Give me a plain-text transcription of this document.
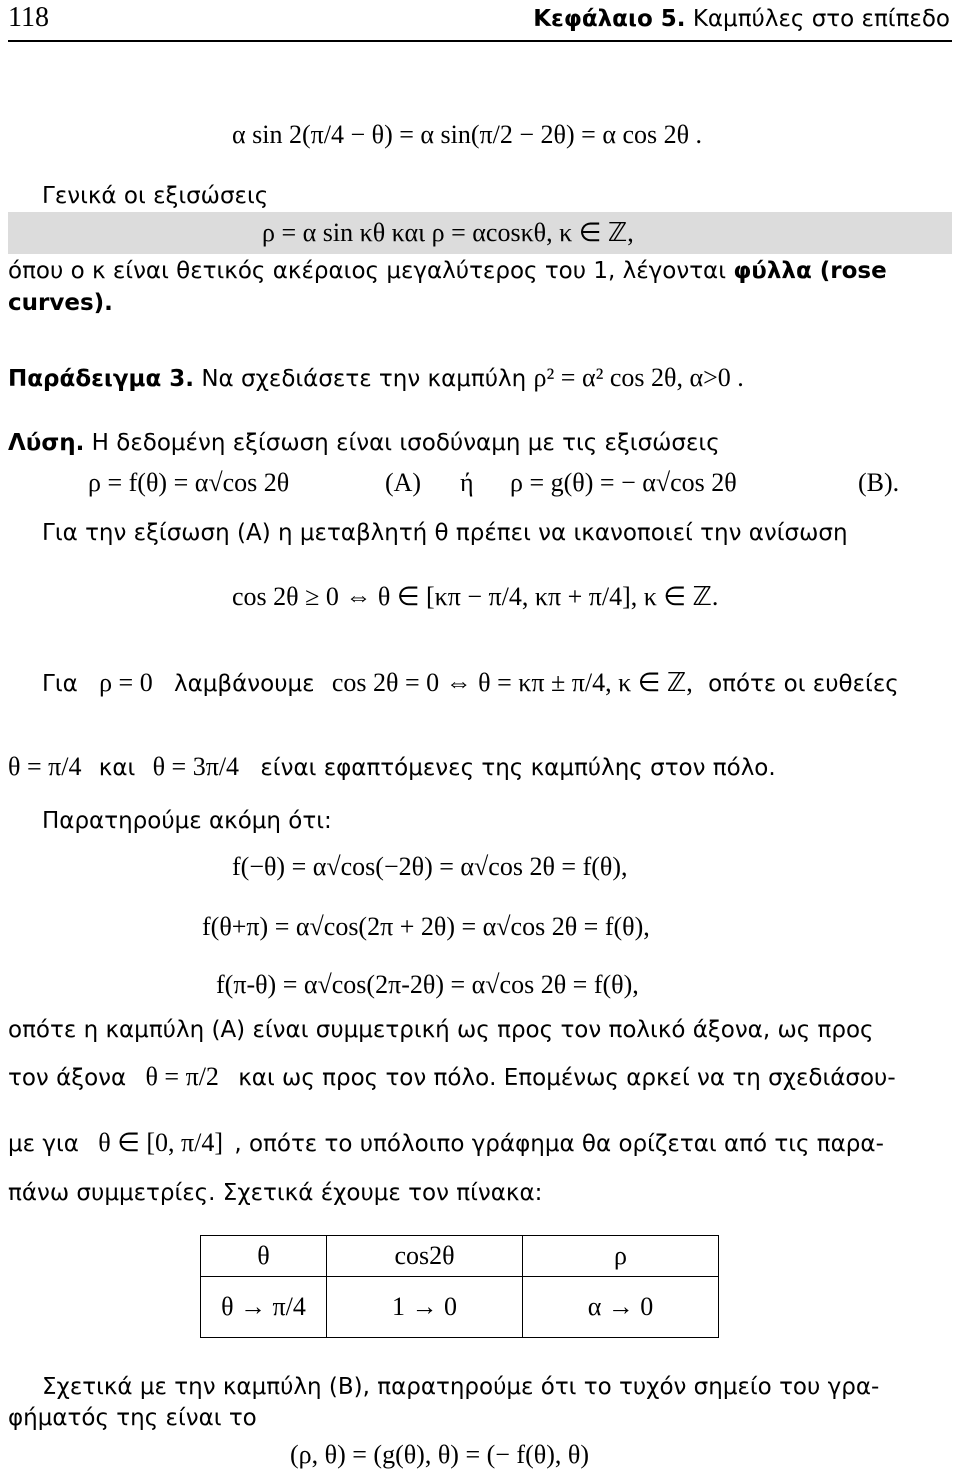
118	Κεφάλαιο 5. Καμπύλες στο επίπεδο
α sin 2(π/4 − θ) = α sin(π/2 − 2θ) = α cos 2θ .
Γενικά οι εξισώσεις
ρ = α sin κθ και ρ = αcosκθ, κ ∈ ℤ,
όπου ο κ είναι θετικός ακέραιος μεγαλύτερος του 1, λέγονται φύλλα (rose
curves).
Παράδειγμα 3. Να σχεδιάσετε την καμπύλη ρ² = α² cos 2θ, α>0 .
Λύση. Η δεδομένη εξίσωση είναι ισοδύναμη με τις εξισώσεις
ρ = f(θ) = α√cos 2θ	(A) ή ρ = g(θ) = − α√cos 2θ	(B).
Για την εξίσωση (Α) η μεταβλητή θ πρέπει να ικανοποιεί την ανίσωση
cos 2θ ≥ 0 ⇔ θ ∈ [κπ − π/4, κπ + π/4], κ ∈ ℤ.
Για ρ = 0 λαμβάνουμε cos 2θ = 0 ⇔ θ = κπ ± π/4, κ ∈ ℤ, οπότε οι ευθείες
θ = π/4 και θ = 3π/4 είναι εφαπτόμενες της καμπύλης στον πόλο.
Παρατηρούμε ακόμη ότι:
f(−θ) = α√cos(−2θ) = α√cos 2θ = f(θ),
f(θ+π) = α√cos(2π + 2θ) = α√cos 2θ = f(θ),
f(π-θ) = α√cos(2π-2θ) = α√cos 2θ = f(θ),
οπότε η καμπύλη (Α) είναι συμμετρική ως προς τον πολικό άξονα, ως προς
τον άξονα θ = π/2 και ως προς τον πόλο. Επομένως αρκεί να τη σχεδιάσου-
με για θ ∈ [0, π/4] , οπότε το υπόλοιπο γράφημα θα ορίζεται από τις παρα-
πάνω συμμετρίες. Σχετικά έχουμε τον πίνακα:
θ	cos2θ	ρ
θ → π/4	1 → 0	α → 0
Σχετικά με την καμπύλη (Β), παρατηρούμε ότι το τυχόν σημείο του γρα-
φήματός της είναι το
(ρ, θ) = (g(θ), θ) = (− f(θ), θ)
